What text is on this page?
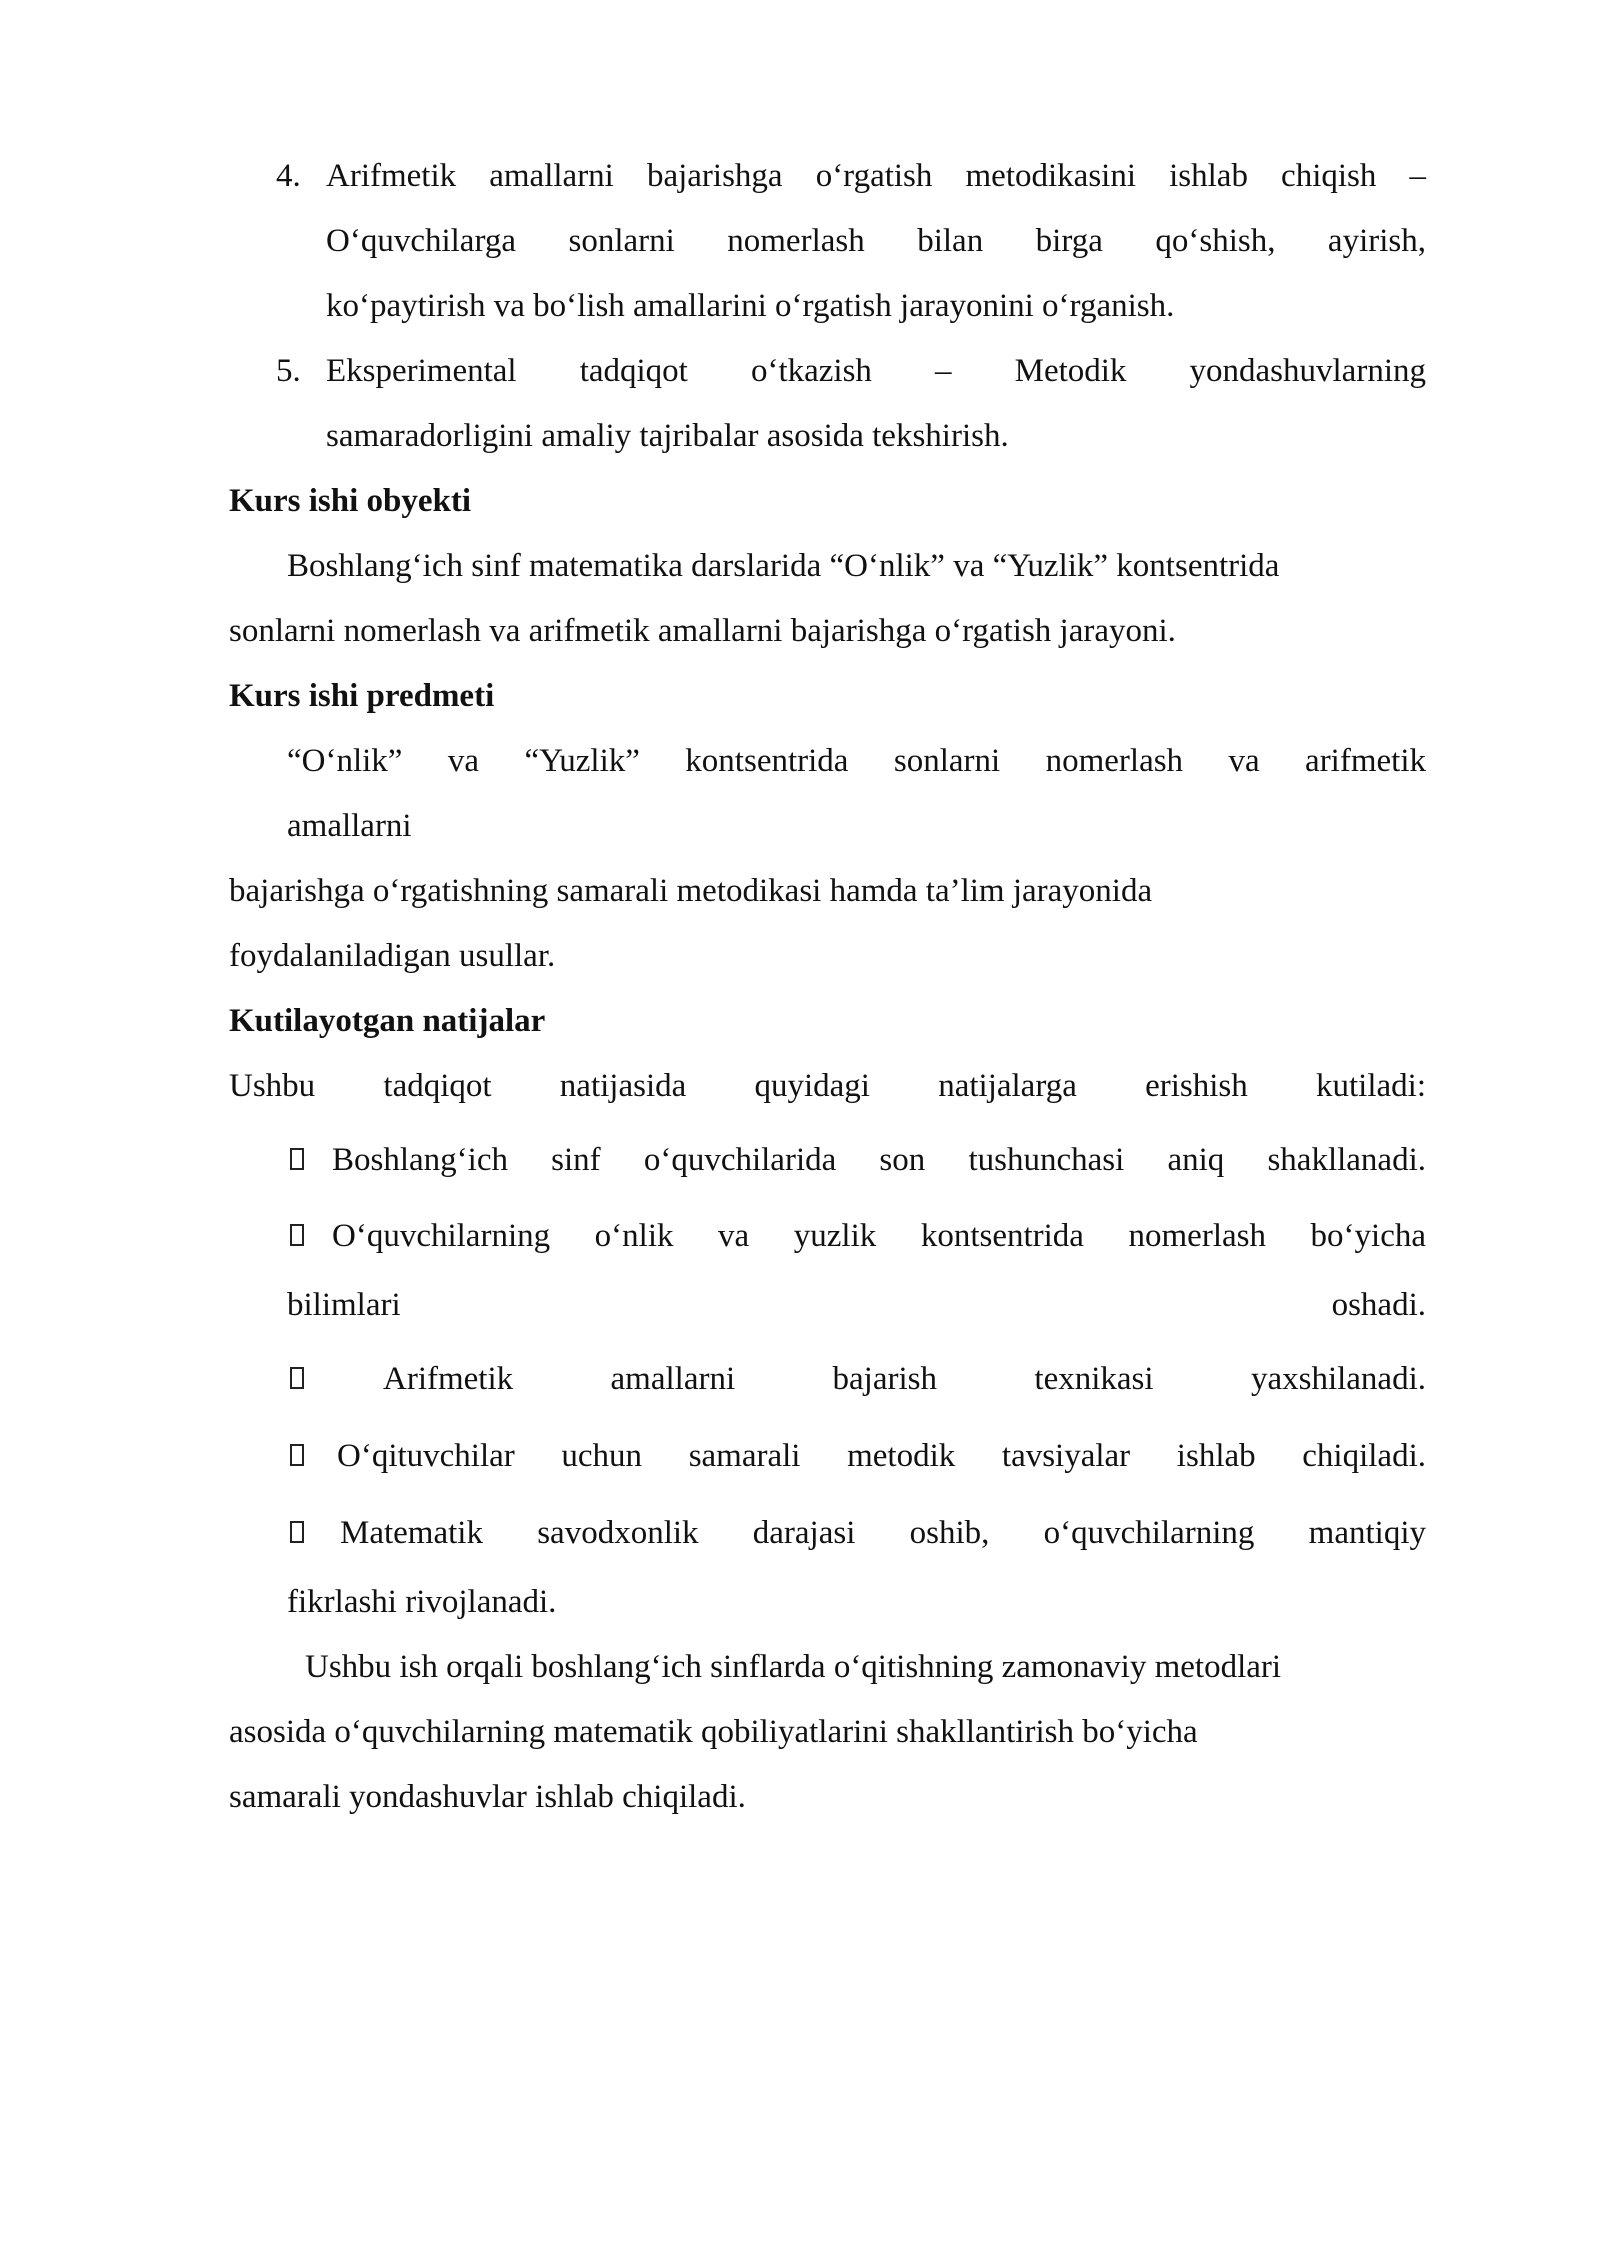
4. Arifmetik amallarni bajarishga o‘rgatish metodikasini ishlab chiqish –
O‘quvchilarga sonlarni nomerlash bilan birga qo‘shish, ayirish,
ko‘paytirish va bo‘lish amallarini o‘rgatish jarayonini o‘rganish.
5. Eksperimental tadqiqot o‘tkazish – Metodik yondashuvlarning
samaradorligini amaliy tajribalar asosida tekshirish.
Kurs ishi obyekti
Boshlang‘ich sinf matematika darslarida “O‘nlik” va “Yuzlik” kontsentrida
sonlarni nomerlash va arifmetik amallarni bajarishga o‘rgatish jarayoni.
Kurs ishi predmeti
“O‘nlik” va “Yuzlik” kontsentrida sonlarni nomerlash va arifmetik
amallarni
bajarishga o‘rgatishning samarali metodikasi hamda ta’lim jarayonida
foydalaniladigan usullar.
Kutilayotgan natijalar
Ushbu tadqiqot natijasida quyidagi natijalarga erishish kutiladi:
Boshlang‘ich sinf o‘quvchilarida son tushunchasi aniq shakllanadi.
O‘quvchilarning o‘nlik va yuzlik kontsentrida nomerlash bo‘yicha
bilimlari	oshadi.
Arifmetik amallarni bajarish texnikasi yaxshilanadi.
O‘qituvchilar uchun samarali metodik tavsiyalar ishlab chiqiladi.
Matematik savodxonlik darajasi oshib, o‘quvchilarning mantiqiy
fikrlashi rivojlanadi.
Ushbu ish orqali boshlang‘ich sinflarda o‘qitishning zamonaviy metodlari
asosida o‘quvchilarning matematik qobiliyatlarini shakllantirish bo‘yicha
samarali yondashuvlar ishlab chiqiladi.
